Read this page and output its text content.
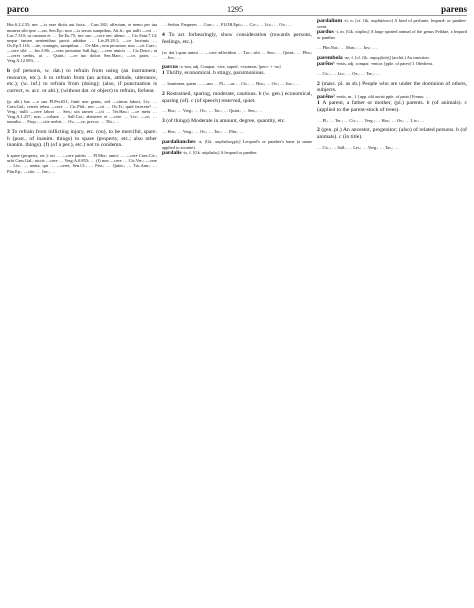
parco	1295	parens

Hor.S.2.2.55; nec —is esse dictis aut facta… Curc.382; affectum, et nemo per tua munera sibi ipse —cat, Sen.Ep.; non —is seruis sumptibus, Att.fr.; qui nulli —cet … Luc.7.310; ut caueam et … Ter.Eu.75; nec suo —cere nec alieno … Cic.Fam.7.14; neque tamen uenientibus parcit adsidue … Liv.29.20.1; —ce lacrimis … Ov.Ep.5.116; —ite, coniuges, sumptibus … Ov.Met.; non pecuniae, non —cit Caec.; —cere sibi … Juv.3.86; —cens pecuniae Sall.Jug.; —cere amicis … Cic.Deiot.; ut —ceret uerbis, ut … Quint.; —ce tuo dolori Sen.Marc.; —ce, pater, … Verg.A.12.693; …

b (of persons, w. dat.) to refrain from using (an instrument, resource, etc.). b to refrain from (an action, attitude, utterance, etc.); (w. inf.) to refrain from (doing); (also, if punctuation is correct, w. acc. or abl.); (without dat. or object) to refrain, forbear.

(p. abl.) hac —e uas Pl.Per.651; finiti non genus, sed —cimus labori, Liv. … Caes.Gal.; ceteris rebus —cere … Cic.Phil.; nec —cit … Ov.Tr.; quid facerem? … Verg.; nulli —cere labori … Sen.; uix tamen —cit … Ter.Hau.; —ce metu … Verg.A.1.257; non —cebant … Sall.Cat.; absistere et —cere … Liv.; —ce, … tumultu … Prop.; —cite uerbis … Ov.; —ce, precor, … Tib.; …

3 To refrain from inflicting injury, etc. (on), to be merciful, spare. b (post., of inanim. things) to spare (property, etc.; also other inanim. things). (f) (of a per.), etc.) not to condemn.

b spare (property, etc.): uti … —cere patriis … Pl.Mer.; amici … —cere Caes.Civ.; urbi Caes.Gal.; uictis —cere … Verg.A.6.853; … (f) non —cere … Cic.Ver.; —cere … Liv.; … uenia, qui … —ceret, Sen.Cl.; … Petr.; … Quint.; … Tac.Ann.; … Plin.Ep.; —cite, … Juv.; …

… Serbin. Pauperes … Curc.; … FLOR.Epit.; … Cic.; … Liv.; … Ov.; …

4 To act forbearingly, show consideration (towards persons, feelings, etc.).

(w. dat.) quae animi … —cere adfectibus … Tac.; sibi … Sen.; … Quint.; … Plin.; … Juv.; …

parcus -a -um, adj. Compar. -cior, superl. -cissimus. [perc- + -us]

1 Thrifty, economical. b stingy, parsimonious.

… hominem, quem … —um … Pl.; —us … Cic.; … Hor.; … Ov.; … Juv.; …

2 Restrained, sparing, moderate, cautious. b (w. gen.) economical, sparing (of). c (of speech) reserved, quiet.

… Hor.; … Verg.; … Ov.; … Tac.; … Quint.; … Sen.; …

3 (of things) Moderate in amount, degree, quantity, etc.

… Hor.; … Verg.; … Ov.; … Tac.; … Plin.; …

pardalianches -a, [Gk. παρδαλιαγχές] Leopard's or panther's bane (a name applied to aconite).

pardalis -is, f. [Gk. πάρδαλις] A leopard or panther.

pardalium -ii, n. [cf. Gk. παρδάλειον] A kind of perfume, leopard- or panther-scent.

pardus -i, m. [Gk. πάρδος] A large spotted animal of the genus Felidae, a leopard or panther.

… Plin.Nat.; … Mart.; … Juv.; …

parembola -ae, f. [cf. Gk. παρεμβολή] (archit.) An insertion.

parēns¹ -entis, adj. compar. -entior. [pple. of pareo] 1 Obedient.

… Cic.; … Liv.; … Ov.; … Tac.; …

2 (masc. pl. as sb.) People who are under the dominion of others, subjects.

parēns² -entis, m., f. [app. old aorist pple. of pario] Forms: …

1 A parent, a father or mother, (pl.) parents. b (of animals). c (applied to the parent-stock of trees).

… Pl.; … Ter.; … Cic.; … Verg.; … Hor.; … Ov.; … Liv.; …

2 (gen. pl.) An ancestor, progenitor; (also) of related persons. b (of animals). c (in title).

… Cic.; … Sall.; … Liv.; … Verg.; … Tac.; …
